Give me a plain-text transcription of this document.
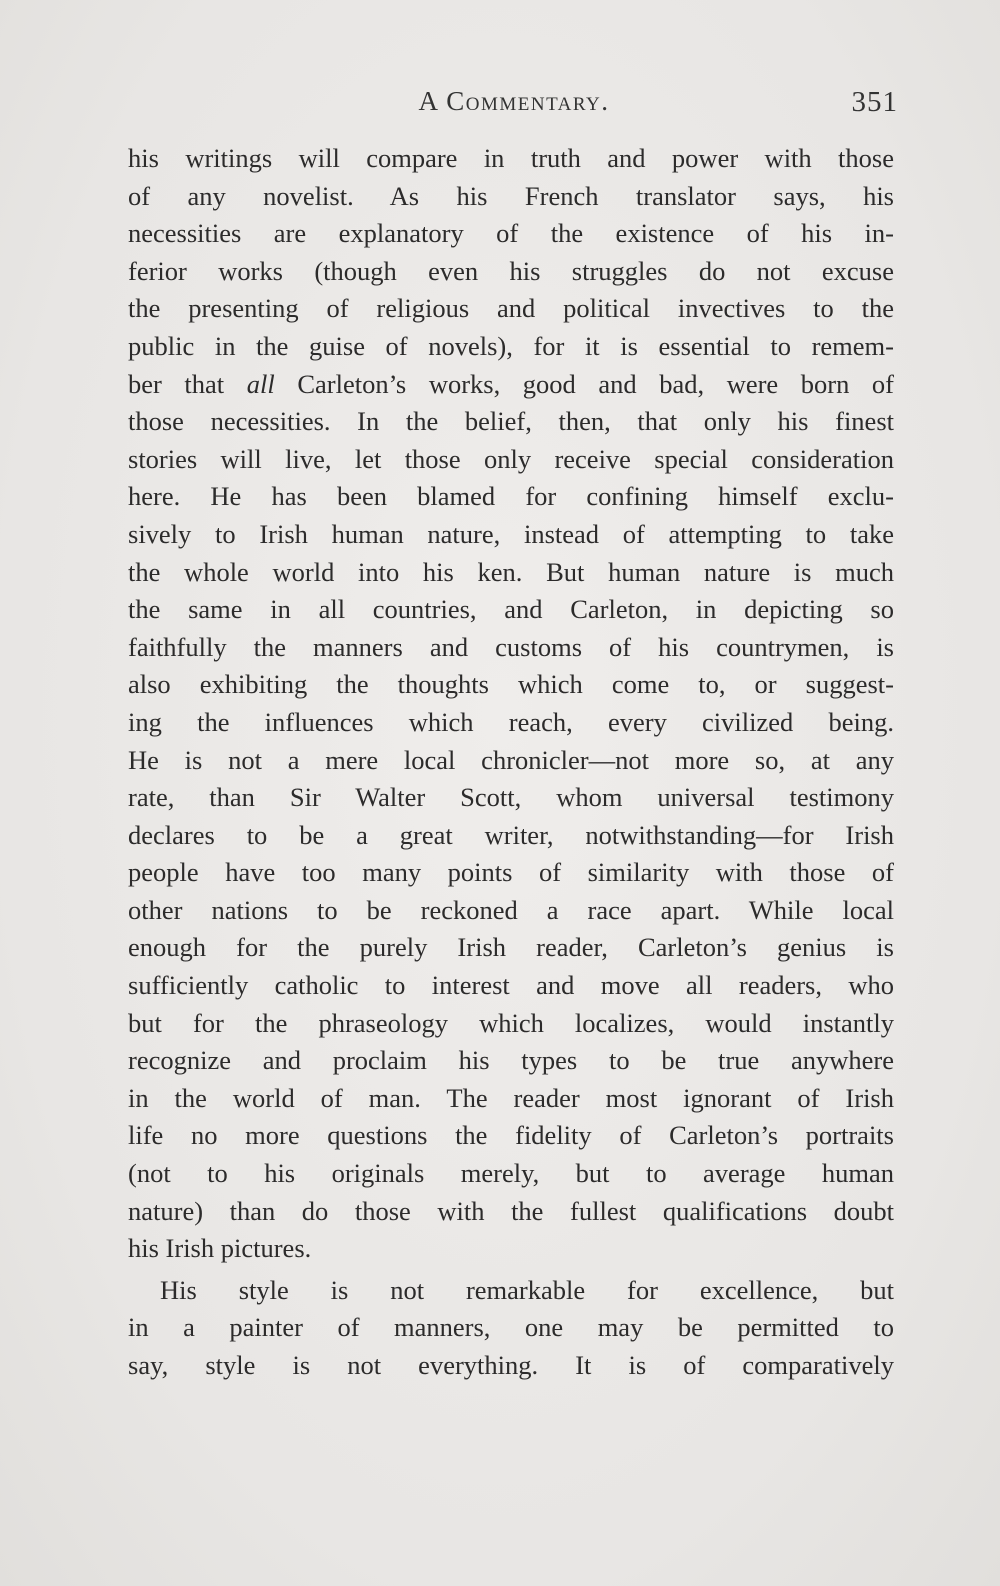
A Commentary.	351
his writings will compare in truth and power with those
of any novelist. As his French translator says, his
necessities are explanatory of the existence of his in-
ferior works (though even his struggles do not excuse
the presenting of religious and political invectives to the
public in the guise of novels), for it is essential to remem-
ber that all Carleton’s works, good and bad, were born of
those necessities. In the belief, then, that only his finest
stories will live, let those only receive special consideration
here. He has been blamed for confining himself exclu-
sively to Irish human nature, instead of attempting to take
the whole world into his ken. But human nature is much
the same in all countries, and Carleton, in depicting so
faithfully the manners and customs of his countrymen, is
also exhibiting the thoughts which come to, or suggest-
ing the influences which reach, every civilized being.
He is not a mere local chronicler—not more so, at any
rate, than Sir Walter Scott, whom universal testimony
declares to be a great writer, notwithstanding—for Irish
people have too many points of similarity with those of
other nations to be reckoned a race apart. While local
enough for the purely Irish reader, Carleton’s genius is
sufficiently catholic to interest and move all readers, who
but for the phraseology which localizes, would instantly
recognize and proclaim his types to be true anywhere
in the world of man. The reader most ignorant of Irish
life no more questions the fidelity of Carleton’s portraits
(not to his originals merely, but to average human
nature) than do those with the fullest qualifications doubt
his Irish pictures.
His style is not remarkable for excellence, but
in a painter of manners, one may be permitted to
say, style is not everything. It is of comparatively
